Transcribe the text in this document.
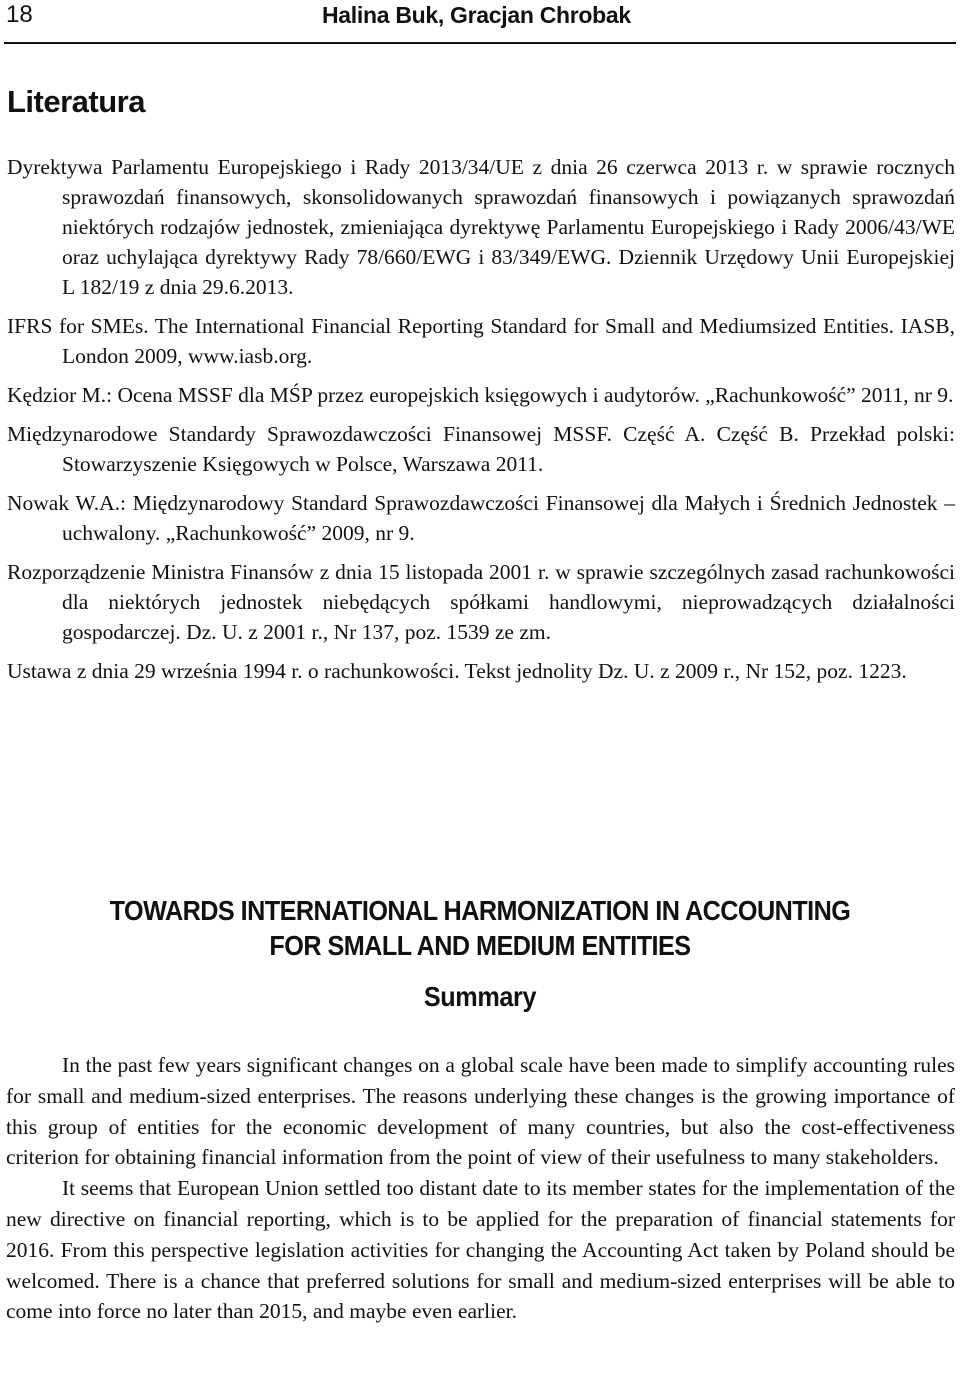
18	Halina Buk, Gracjan Chrobak
Literatura
Dyrektywa Parlamentu Europejskiego i Rady 2013/34/UE z dnia 26 czerwca 2013 r. w sprawie rocznych sprawozdań finansowych, skonsolidowanych sprawozdań finansowych i powiązanych sprawozdań niektórych rodzajów jednostek, zmieniająca dyrektywę Parlamentu Europejskiego i Rady 2006/43/WE oraz uchylająca dyrektywy Rady 78/660/EWG i 83/349/EWG. Dziennik Urzędowy Unii Europejskiej L 182/19 z dnia 29.6.2013.
IFRS for SMEs. The International Financial Reporting Standard for Small and Mediumsized Entities. IASB, London 2009, www.iasb.org.
Kędzior M.: Ocena MSSF dla MŚP przez europejskich księgowych i audytorów. „Rachunkowość” 2011, nr 9.
Międzynarodowe Standardy Sprawozdawczości Finansowej MSSF. Część A. Część B. Przekład polski: Stowarzyszenie Księgowych w Polsce, Warszawa 2011.
Nowak W.A.: Międzynarodowy Standard Sprawozdawczości Finansowej dla Małych i Średnich Jednostek – uchwalony. „Rachunkowość” 2009, nr 9.
Rozporządzenie Ministra Finansów z dnia 15 listopada 2001 r. w sprawie szczególnych zasad rachunkowości dla niektórych jednostek niebędących spółkami handlowymi, nieprowadzących działalności gospodarczej. Dz. U. z 2001 r., Nr 137, poz. 1539 ze zm.
Ustawa z dnia 29 września 1994 r. o rachunkowości. Tekst jednolity Dz. U. z 2009 r., Nr 152, poz. 1223.
TOWARDS INTERNATIONAL HARMONIZATION IN ACCOUNTING
FOR SMALL AND MEDIUM ENTITIES
Summary

In the past few years significant changes on a global scale have been made to simplify accounting rules for small and medium-sized enterprises. The reasons underlying these changes is the growing importance of this group of entities for the economic development of many countries, but also the cost-effectiveness criterion for obtaining financial information from the point of view of their usefulness to many stakeholders.

It seems that European Union settled too distant date to its member states for the implementation of the new directive on financial reporting, which is to be applied for the preparation of financial statements for 2016. From this perspective legislation activities for changing the Accounting Act taken by Poland should be welcomed. There is a chance that preferred solutions for small and medium-sized enterprises will be able to come into force no later than 2015, and maybe even earlier.
